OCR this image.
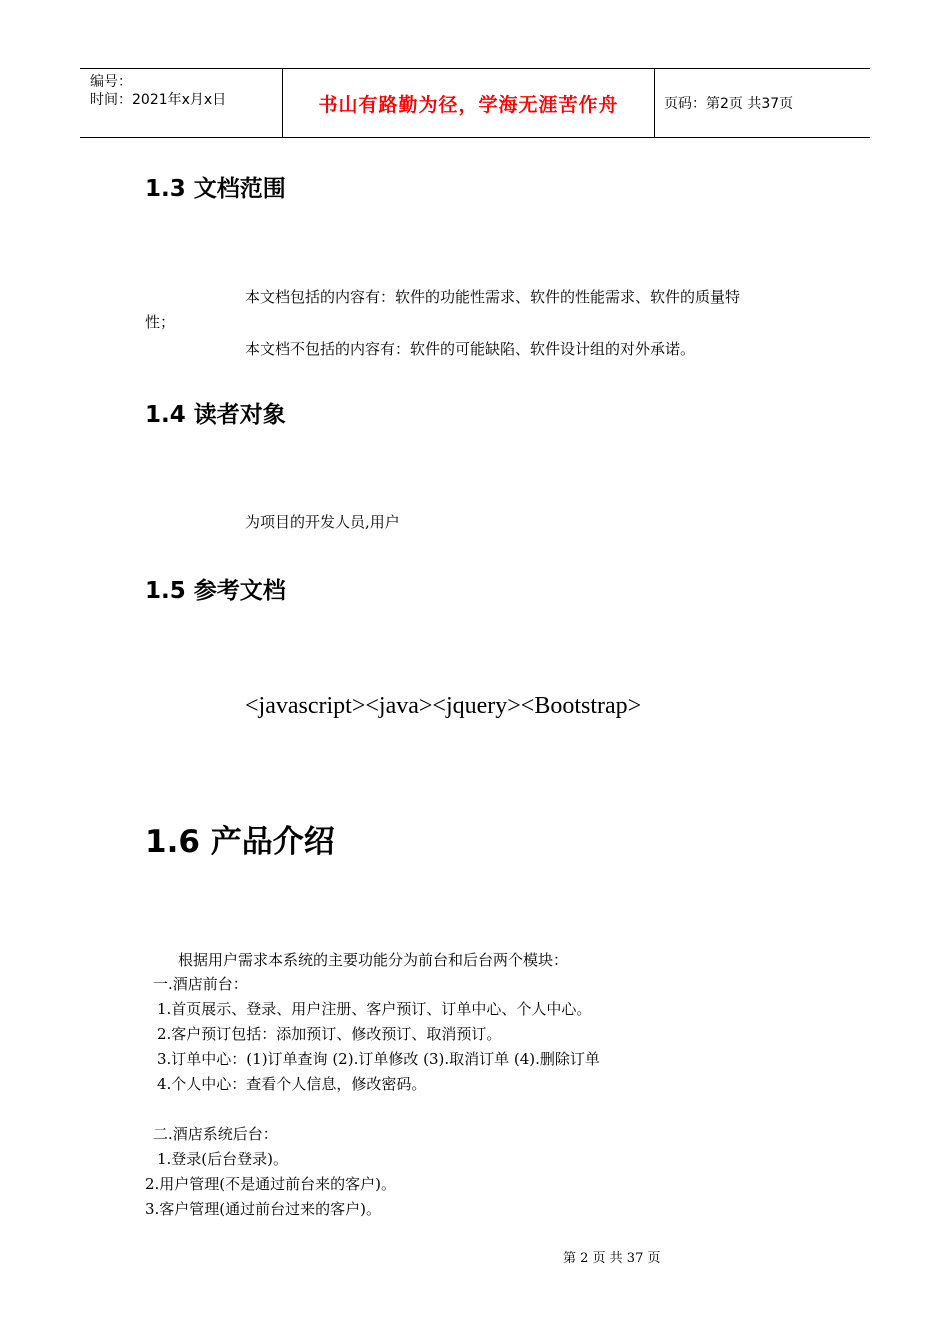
编号：
时间：2021年x月x日	书山有路勤为径，学海无涯苦作舟	页码：第2页 共37页
1.3 文档范围

本文档包括的内容有：软件的功能性需求、软件的性能需求、软件的质量特

性；

本文档不包括的内容有：软件的可能缺陷、软件设计组的对外承诺。

1.4 读者对象

为项目的开发人员,用户

1.5 参考文档
<javascript><java><jquery><Bootstrap>
1.6 产品介绍

根据用户需求本系统的主要功能分为前台和后台两个模块：

一.酒店前台：

1.首页展示、登录、用户注册、客户预订、订单中心、个人中心。

2.客户预订包括：添加预订、修改预订、取消预订。

3.订单中心：(1)订单查询 (2).订单修改 (3).取消订单 (4).删除订单

4.个人中心：查看个人信息，修改密码。

二.酒店系统后台：

1.登录(后台登录)。

2.用户管理(不是通过前台来的客户)。

3.客户管理(通过前台过来的客户)。

第 2 页 共 37 页
